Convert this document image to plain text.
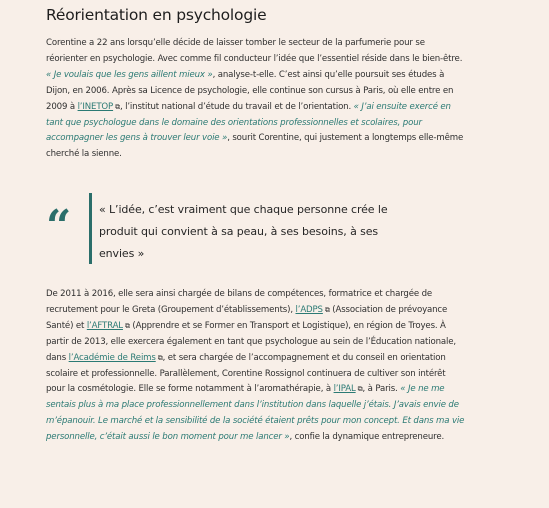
Réorientation en psychologie

Corentine a 22 ans lorsqu’elle décide de laisser tomber le secteur de la parfumerie pour se réorienter en psychologie. Avec comme fil conducteur l’idée que l’essentiel réside dans le bien-être. « Je voulais que les gens aillent mieux », analyse-t-elle. C’est ainsi qu’elle poursuit ses études à Dijon, en 2006. Après sa Licence de psychologie, elle continue son cursus à Paris, où elle entre en 2009 à l’INETOP ⧉, l’institut national d’étude du travail et de l’orientation. « J’ai ensuite exercé en tant que psychologue dans le domaine des orientations professionnelles et scolaires, pour accompagner les gens à trouver leur voie », sourit Corentine, qui justement a longtemps elle-même cherché la sienne.

De 2011 à 2016, elle sera ainsi chargée de bilans de compétences, formatrice et chargée de recrutement pour le Greta (Groupement d’établissements), l’ADPS ⧉ (Association de prévoyance Santé) et l’AFTRAL ⧉ (Apprendre et se Former en Transport et Logistique), en région de Troyes. À partir de 2013, elle exercera également en tant que psychologue au sein de l’Éducation nationale, dans l’Académie de Reims ⧉, et sera chargée de l’accompagnement et du conseil en orientation scolaire et professionnelle. Parallèlement, Corentine Rossignol continuera de cultiver son intérêt pour la cosmétologie. Elle se forme notamment à l’aromathérapie, à l’IPAL ⧉, à Paris. « Je ne me sentais plus à ma place professionnellement dans l’institution dans laquelle j’étais. J’avais envie de m’épanouir. Le marché et la sensibilité de la société étaient prêts pour mon concept. Et dans ma vie personnelle, c’était aussi le bon moment pour me lancer », confie la dynamique entrepreneure.

“	« L’idée, c’est vraiment que chaque personne crée le produit qui convient à sa peau, à ses besoins, à ses envies »
